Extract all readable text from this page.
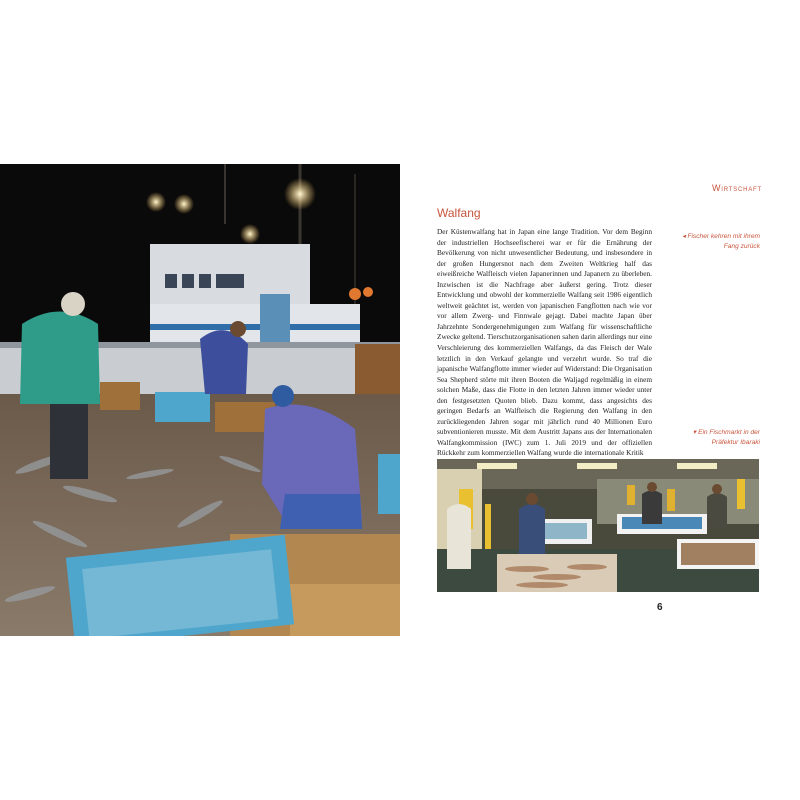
Wirtschaft
Walfang

Der Küstenwalfang hat in Japan eine lange Tradition. Vor dem Beginn der industriellen Hochseefischerei war er für die Ernährung der Bevölkerung von nicht unwesentlicher Bedeutung, und insbesondere in der großen Hungersnot nach dem Zweiten Weltkrieg half das eiweißreiche Walfleisch vielen Japanerinnen und Japanern zu überleben. Inzwischen ist die Nachfrage aber äußerst gering. Trotz dieser Entwicklung und obwohl der kommerzielle Walfang seit 1986 eigentlich weltweit geächtet ist, werden von japanischen Fangflotten nach wie vor vor allem Zwerg- und Finnwale gejagt. Dabei machte Japan über Jahrzehnte Sondergenehmigungen zum Walfang für wissenschaftliche Zwecke geltend. Tierschutzorganisationen sahen darin allerdings nur eine Verschleierung des kommerziellen Walfangs, da das Fleisch der Wale letztlich in den Verkauf gelangte und verzehrt wurde. So traf die japanische Walfangflotte immer wieder auf Widerstand: Die Organisation Sea Shepherd störte mit ihren Booten die Waljagd regelmäßig in einem solchen Maße, dass die Flotte in den letzten Jahren immer wieder unter den festgesetzten Quoten blieb. Dazu kommt, dass angesichts des geringen Bedarfs an Walfleisch die Regierung den Walfang in den zurückliegenden Jahren sogar mit jährlich rund 40 Millionen Euro subventionieren musste. Mit dem Austritt Japans aus der Internationalen Walfangkommission (IWC) zum 1. Juli 2019 und der offiziellen Rückkehr zum kommerziellen Walfang wurde die internationale Kritik

◂ Fischer kehren mit ihrem Fang zurück
▾ Ein Fischmarkt in der Präfektur Ibaraki
6
